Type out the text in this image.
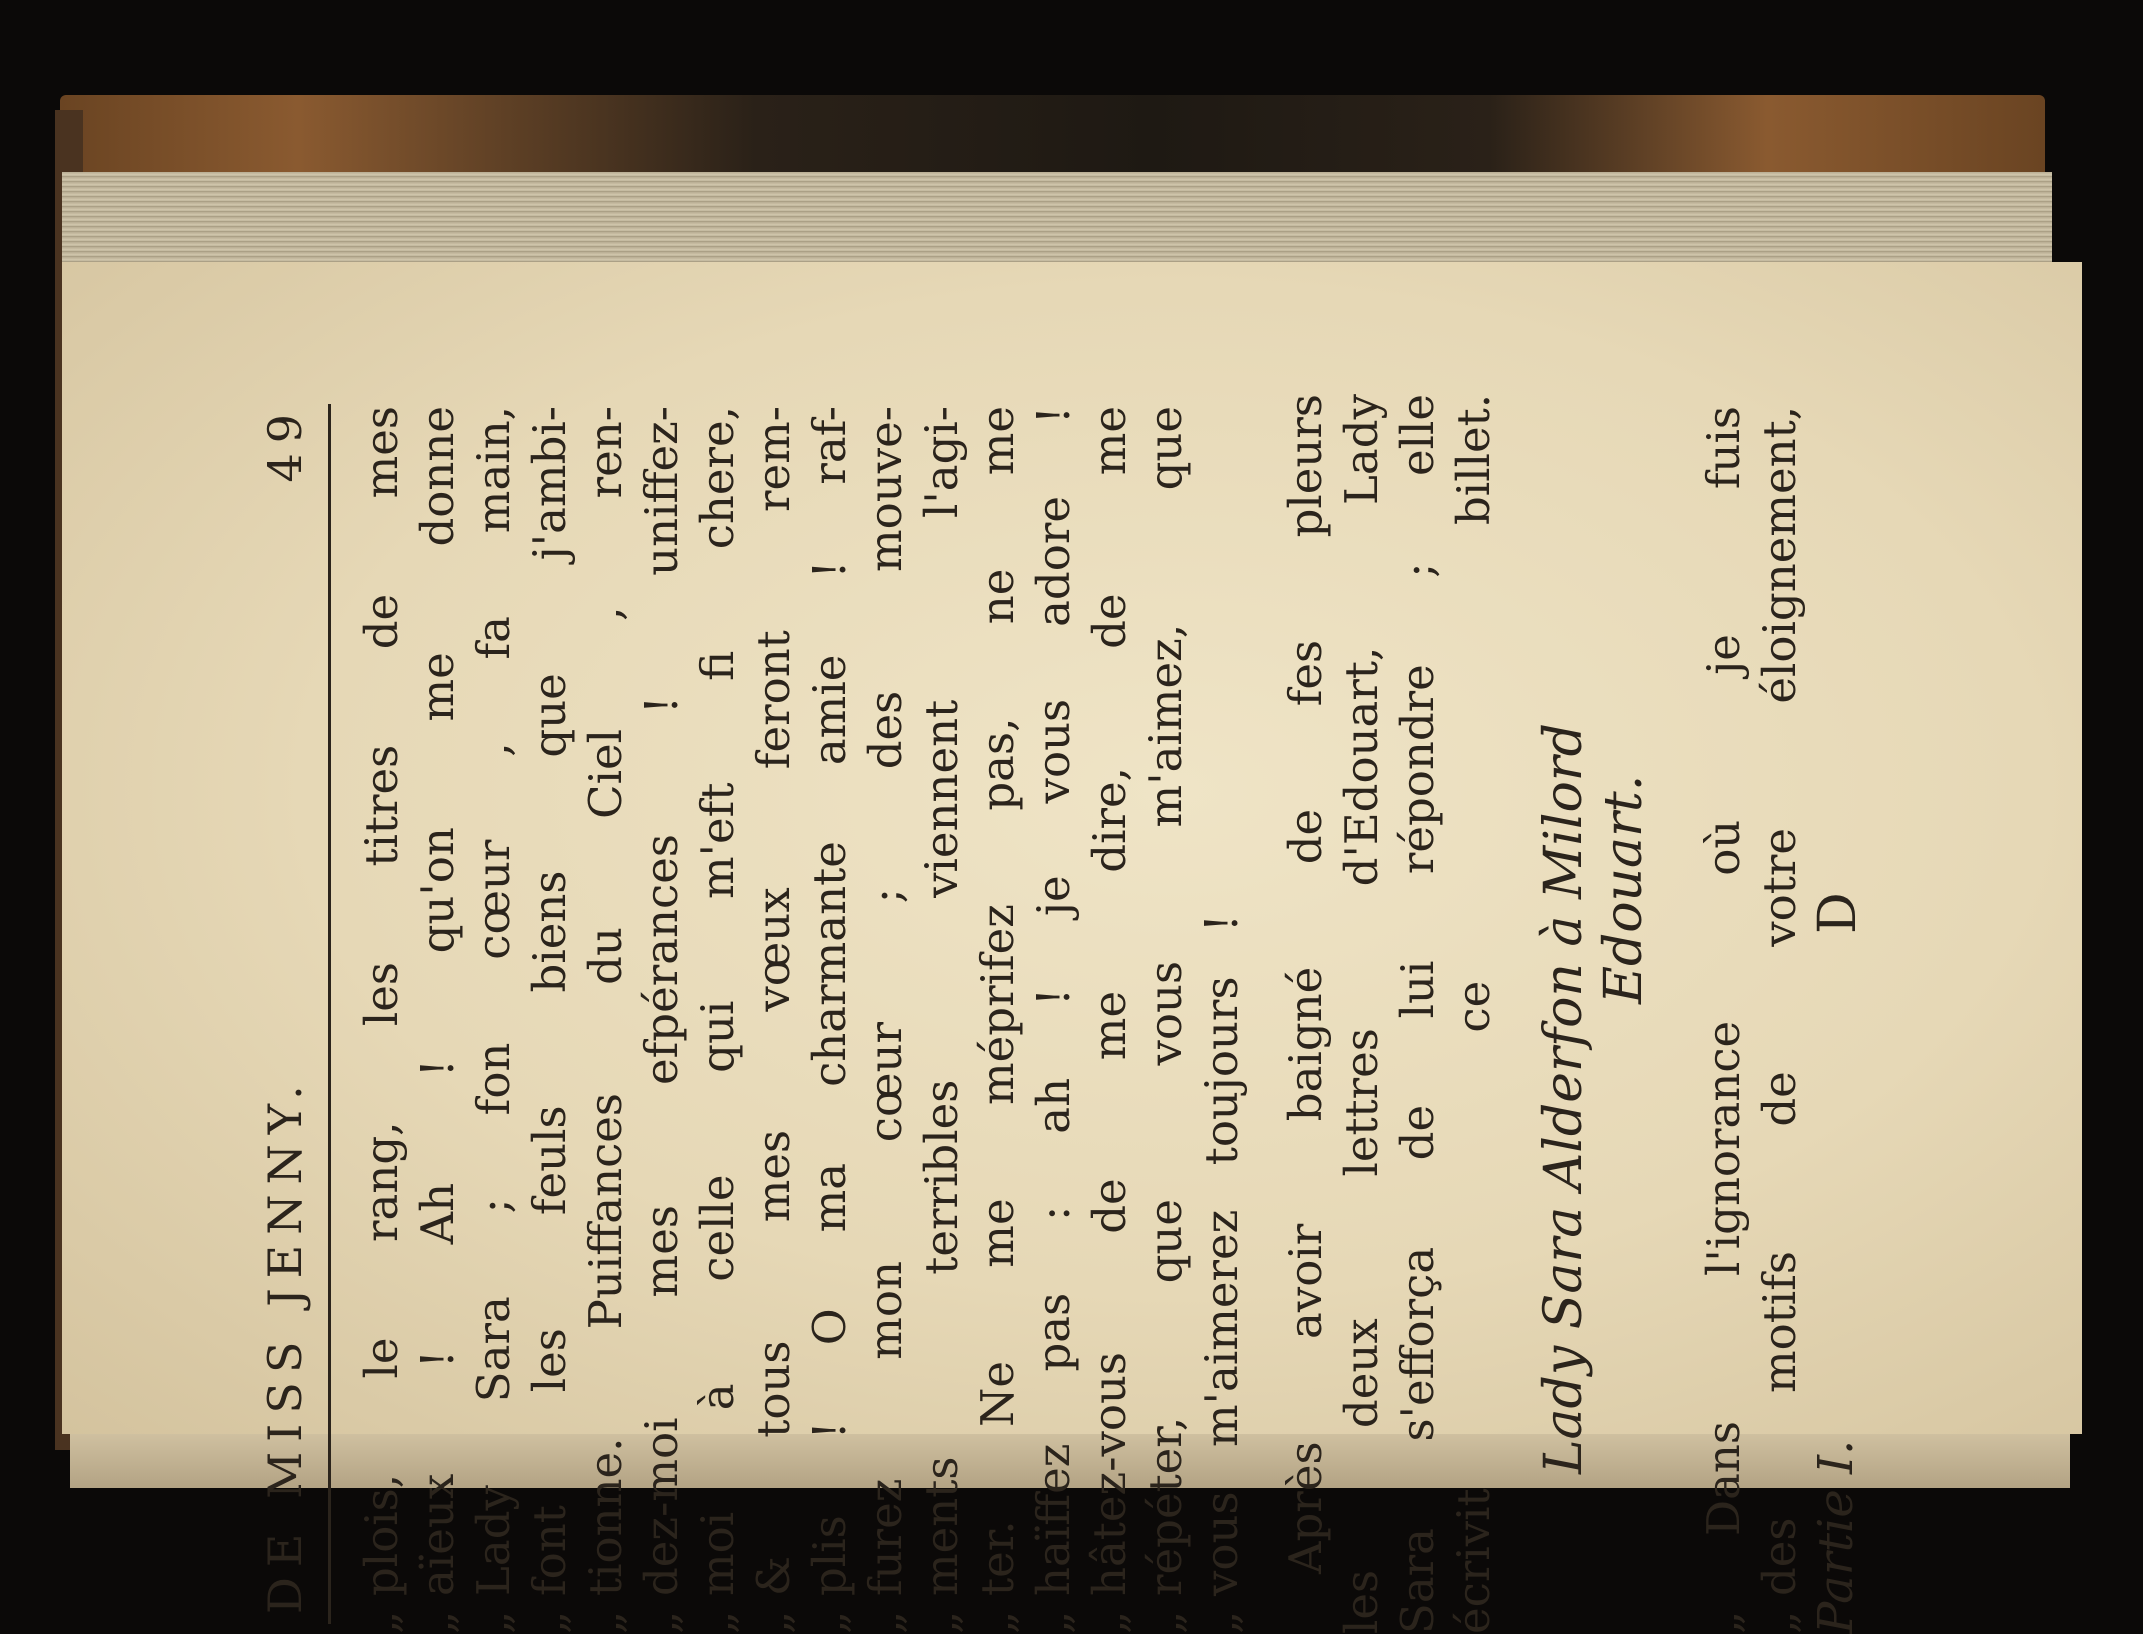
DE MISS JENNY.
49
„plois, le rang, les titres de mes
„aïeux ! Ah ! qu'on me donne
„Lady Sara ; fon cœur , fa main,
„font les feuls biens que j'ambi-
„tionne. Puiffances du Ciel , ren-
„dez-moi mes efpérances ! uniffez-
„moi à celle qui m'eft fi chere,
„& tous mes vœux feront rem-
„plis ! O ma charmante amie ! raf-
„furez mon cœur ; des mouve-
„ments terribles viennent l'agi-
„ter. Ne me méprifez pas, ne me
„haïffez pas : ah ! je vous adore !
„hâtez-vous de me dire, de me
„répéter, que vous m'aimez, que
„vous m'aimerez toujours ! Après avoir baigné de fes pleurs les deux lettres d'Edouart, Lady Sara s'efforça de lui répondre ; elle écrivit ce billet. Lady Sara Alderfon à Milord Edouart.
„Dans l'ignorance où je fuis
„des motifs de votre éloignement, Partie I.
D
